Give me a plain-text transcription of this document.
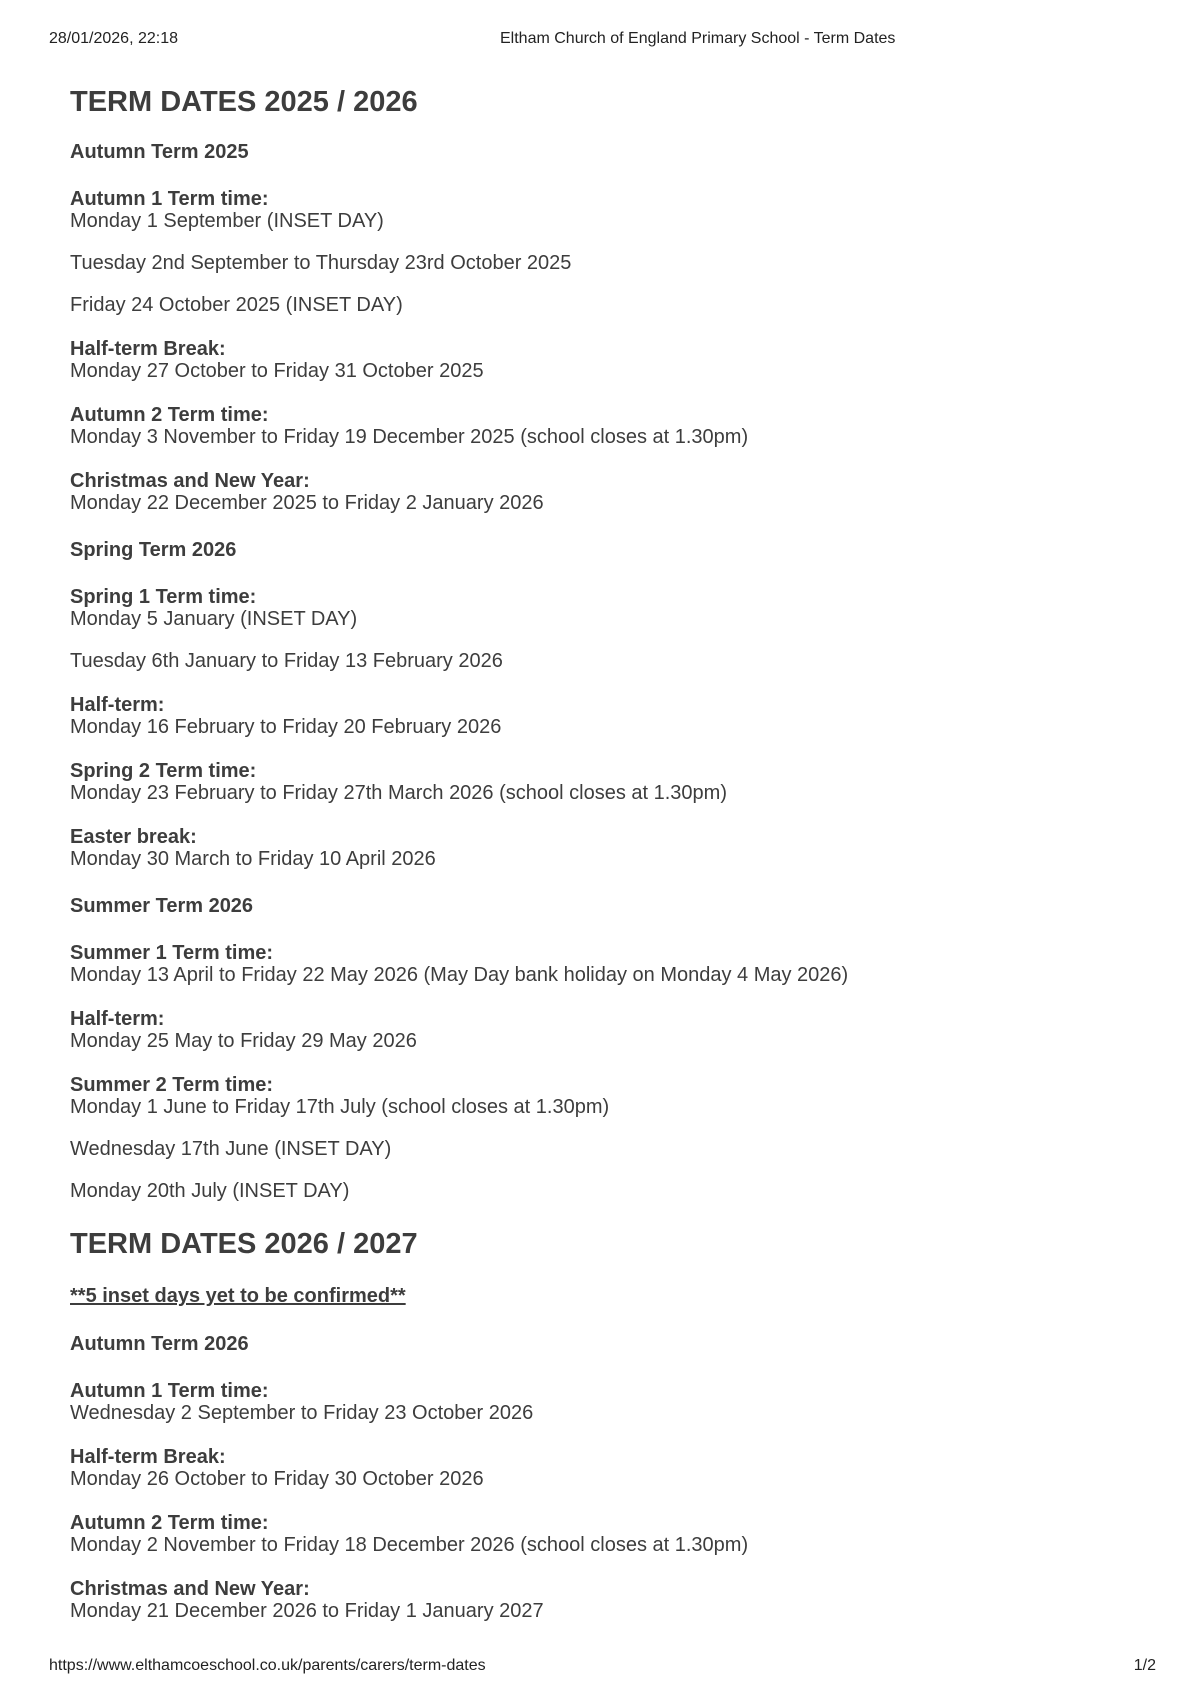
28/01/2026, 22:18	Eltham Church of England Primary School - Term Dates
TERM DATES 2025 / 2026
Autumn Term 2025
Autumn 1 Term time:
Monday 1 September (INSET DAY)
Tuesday 2nd September to Thursday 23rd October 2025
Friday 24 October 2025 (INSET DAY)
Half-term Break:
Monday 27 October to Friday 31 October 2025
Autumn 2 Term time:
Monday 3 November to Friday 19 December 2025 (school closes at 1.30pm)
Christmas and New Year:
Monday 22 December 2025 to Friday 2 January 2026
Spring Term 2026
Spring 1 Term time:
Monday 5 January (INSET DAY)
Tuesday 6th January to Friday 13 February 2026
Half-term:
Monday 16 February to Friday 20 February 2026
Spring 2 Term time:
Monday 23 February to Friday 27th March 2026 (school closes at 1.30pm)
Easter break:
Monday 30 March to Friday 10 April 2026
Summer Term 2026
Summer 1 Term time:
Monday 13 April to Friday 22 May 2026 (May Day bank holiday on Monday 4 May 2026)
Half-term:
Monday 25 May to Friday 29 May 2026
Summer 2 Term time:
Monday 1 June to Friday 17th July (school closes at 1.30pm)
Wednesday 17th June (INSET DAY)
Monday 20th July (INSET DAY)
TERM DATES 2026 / 2027
**5 inset days yet to be confirmed**
Autumn Term 2026
Autumn 1 Term time:
Wednesday 2 September to Friday 23 October 2026
Half-term Break:
Monday 26 October to Friday 30 October 2026
Autumn 2 Term time:
Monday 2 November to Friday 18 December 2026 (school closes at 1.30pm)
Christmas and New Year:
Monday 21 December 2026 to Friday 1 January 2027
https://www.elthamcoeschool.co.uk/parents/carers/term-dates	1/2
